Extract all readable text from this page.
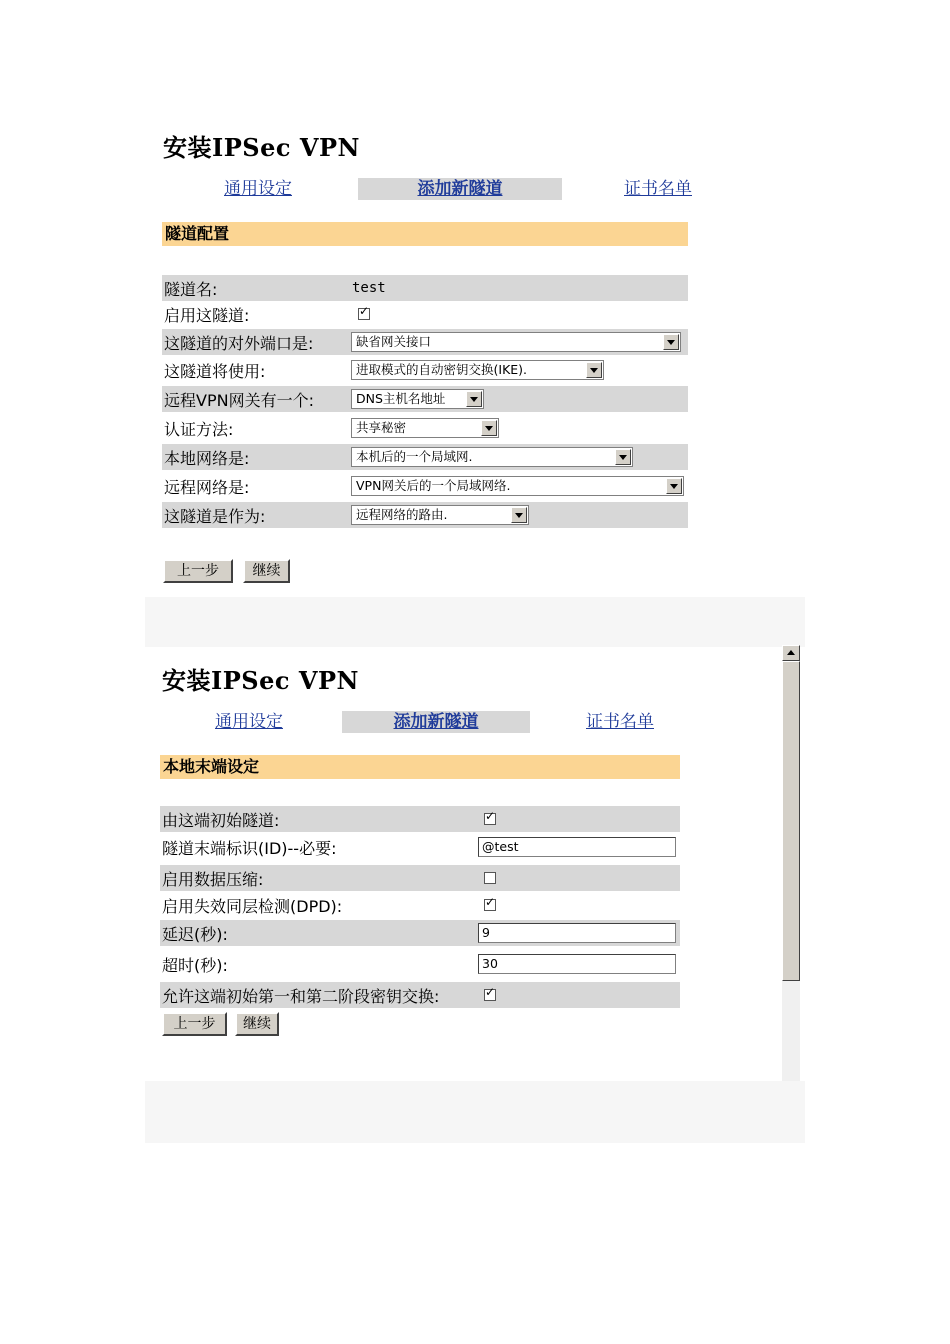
安装IPSec VPN
通用设定	添加新隧道	证书名单
隧道配置
隧道名:	test
启用这隧道:
✓
这隧道的对外端口是:	缺省网关接口
这隧道将使用:	进取模式的自动密钥交换(IKE).
远程VPN网关有一个:	DNS主机名地址
认证方法:	共享秘密
本地网络是:	本机后的一个局域网.
远程网络是:	VPN网关后的一个局域网络.
这隧道是作为:	远程网络的路由.
上一步	继续
安装IPSec VPN
通用设定	添加新隧道	证书名单
本地末端设定
由这端初始隧道:
✓
隧道末端标识(ID)--必要:	@test
启用数据压缩:
启用失效同层检测(DPD):
✓
延迟(秒):	9
超时(秒):	30
允许这端初始第一和第二阶段密钥交换:
✓
上一步	继续
